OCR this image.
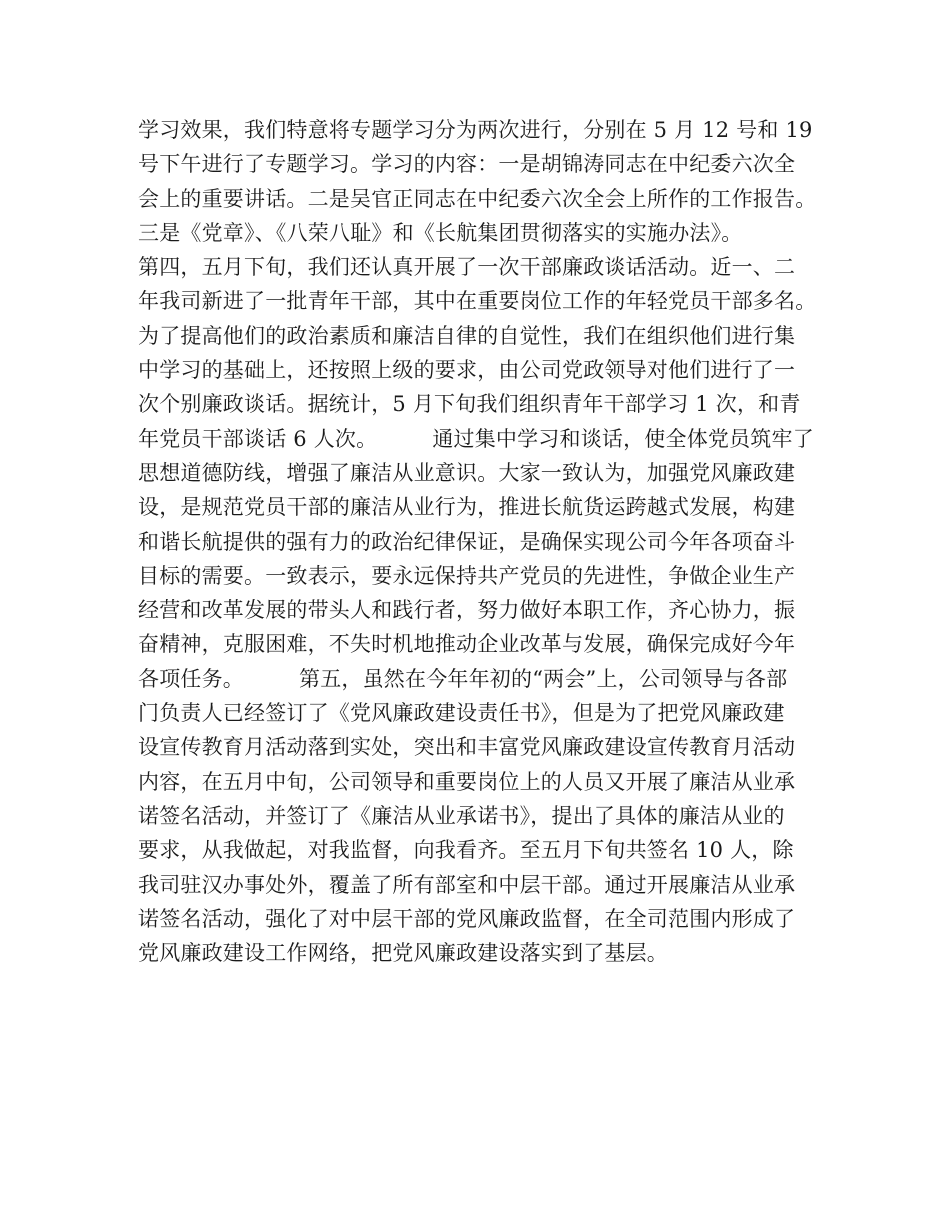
学习效果，我们特意将专题学习分为两次进行，分别在 5 月 12 号和 19
号下午进行了专题学习。学习的内容：一是胡锦涛同志在中纪委六次全
会上的重要讲话。二是吴官正同志在中纪委六次全会上所作的工作报告。
三是《党章》、《八荣八耻》和《长航集团贯彻落实的实施办法》。
第四，五月下旬，我们还认真开展了一次干部廉政谈话活动。近一、二
年我司新进了一批青年干部，其中在重要岗位工作的年轻党员干部多名。
为了提高他们的政治素质和廉洁自律的自觉性，我们在组织他们进行集
中学习的基础上，还按照上级的要求，由公司党政领导对他们进行了一
次个别廉政谈话。据统计，5 月下旬我们组织青年干部学习 1 次，和青
年党员干部谈话 6 人次。        通过集中学习和谈话，使全体党员筑牢了
思想道德防线，增强了廉洁从业意识。大家一致认为，加强党风廉政建
设，是规范党员干部的廉洁从业行为，推进长航货运跨越式发展，构建
和谐长航提供的强有力的政治纪律保证，是确保实现公司今年各项奋斗
目标的需要。一致表示，要永远保持共产党员的先进性，争做企业生产
经营和改革发展的带头人和践行者，努力做好本职工作，齐心协力，振
奋精神，克服困难，不失时机地推动企业改革与发展，确保完成好今年
各项任务。        第五，虽然在今年年初的“两会”上，公司领导与各部
门负责人已经签订了《党风廉政建设责任书》，但是为了把党风廉政建
设宣传教育月活动落到实处，突出和丰富党风廉政建设宣传教育月活动
内容，在五月中旬，公司领导和重要岗位上的人员又开展了廉洁从业承
诺签名活动，并签订了《廉洁从业承诺书》，提出了具体的廉洁从业的
要求，从我做起，对我监督，向我看齐。至五月下旬共签名 10 人，除
我司驻汉办事处外，覆盖了所有部室和中层干部。通过开展廉洁从业承
诺签名活动，强化了对中层干部的党风廉政监督，在全司范围内形成了
党风廉政建设工作网络，把党风廉政建设落实到了基层。
